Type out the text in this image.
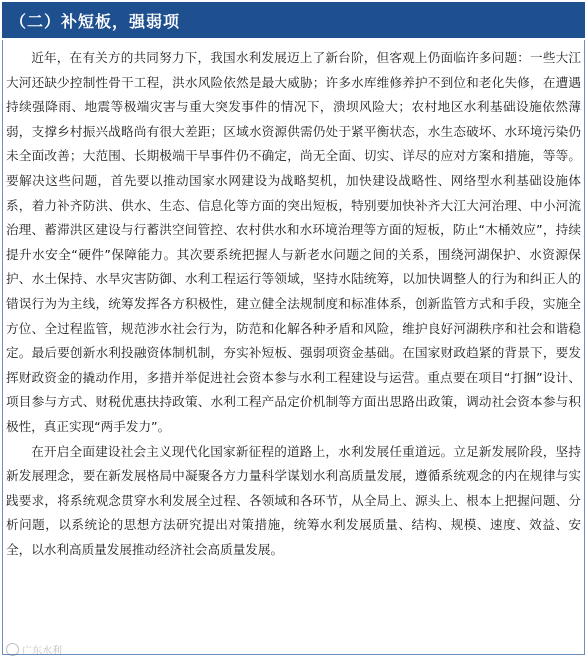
（二）补短板，强弱项

近年，在有关方的共同努力下，我国水利发展迈上了新台阶，但客观上仍面临许多问题：一些大江大河还缺少控制性骨干工程，洪水风险依然是最大威胁；许多水库维修养护不到位和老化失修，在遭遇持续强降雨、地震等极端灾害与重大突发事件的情况下，溃坝风险大；农村地区水利基础设施依然薄弱，支撑乡村振兴战略尚有很大差距；区域水资源供需仍处于紧平衡状态，水生态破坏、水环境污染仍未全面改善；大范围、长期极端干旱事件仍不确定，尚无全面、切实、详尽的应对方案和措施，等等。要解决这些问题，首先要以推动国家水网建设为战略契机，加快建设战略性、网络型水利基础设施体系，着力补齐防洪、供水、生态、信息化等方面的突出短板，特别要加快补齐大江大河治理、中小河流治理、蓄滞洪区建设与行蓄洪空间管控、农村供水和水环境治理等方面的短板，防止“木桶效应”，持续提升水安全“硬件”保障能力。其次要系统把握人与新老水问题之间的关系，围绕河湖保护、水资源保护、水土保持、水旱灾害防御、水利工程运行等领域，坚持水陆统筹，以加快调整人的行为和纠正人的错误行为为主线，统筹发挥各方积极性，建立健全法规制度和标准体系，创新监管方式和手段，实施全方位、全过程监管，规范涉水社会行为，防范和化解各种矛盾和风险，维护良好河湖秩序和社会和谐稳定。最后要创新水利投融资体制机制，夯实补短板、强弱项资金基础。在国家财政趋紧的背景下，要发挥财政资金的撬动作用，多措并举促进社会资本参与水利工程建设与运营。重点要在项目“打捆”设计、项目参与方式、财税优惠扶持政策、水利工程产品定价机制等方面出思路出政策，调动社会资本参与积极性，真正实现“两手发力”。

在开启全面建设社会主义现代化国家新征程的道路上，水利发展任重道远。立足新发展阶段，坚持新发展理念，要在新发展格局中凝聚各方力量科学谋划水利高质量发展，遵循系统观念的内在规律与实践要求，将系统观念贯穿水利发展全过程、各领域和各环节，从全局上、源头上、根本上把握问题、分析问题，以系统论的思想方法研究提出对策措施，统筹水利发展质量、结构、规模、速度、效益、安全，以水利高质量发展推动经济社会高质量发展。

广东水利
